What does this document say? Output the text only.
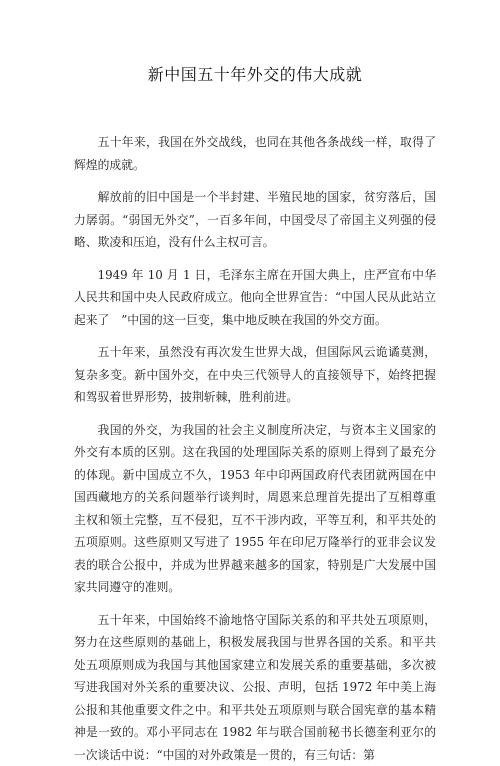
新中国五十年外交的伟大成就

五十年来，我国在外交战线，也同在其他各条战线一样，取得了辉煌的成就。

解放前的旧中国是一个半封建、半殖民地的国家，贫穷落后，国力孱弱。“弱国无外交”，一百多年间，中国受尽了帝国主义列强的侵略、欺凌和压迫，没有什么主权可言。

1949 年 10 月 1 日，毛泽东主席在开国大典上，庄严宣布中华人民共和国中央人民政府成立。他向全世界宣告：“中国人民从此站立起来了　”中国的这一巨变，集中地反映在我国的外交方面。

五十年来，虽然没有再次发生世界大战，但国际风云诡谲莫测，复杂多变。新中国外交，在中央三代领导人的直接领导下，始终把握和驾驭着世界形势，披荆斩棘，胜利前进。

我国的外交，为我国的社会主义制度所决定，与资本主义国家的外交有本质的区别。这在我国的处理国际关系的原则上得到了最充分的体现。新中国成立不久，1953 年中印两国政府代表团就两国在中国西藏地方的关系问题举行谈判时，周恩来总理首先提出了互相尊重主权和领土完整，互不侵犯，互不干涉内政，平等互利，和平共处的五项原则。这些原则又写进了 1955 年在印尼万隆举行的亚非会议发表的联合公报中，并成为世界越来越多的国家，特别是广大发展中国家共同遵守的准则。

五十年来，中国始终不渝地恪守国际关系的和平共处五项原则，努力在这些原则的基础上，积极发展我国与世界各国的关系。和平共处五项原则成为我国与其他国家建立和发展关系的重要基础，多次被写进我国对外关系的重要决议、公报、声明，包括 1972 年中美上海公报和其他重要文件之中。和平共处五项原则与联合国宪章的基本精神是一致的。邓小平同志在 1982 年与联合国前秘书长德奎利亚尔的一次谈话中说：“中国的对外政策是一贯的，有三句话：第
